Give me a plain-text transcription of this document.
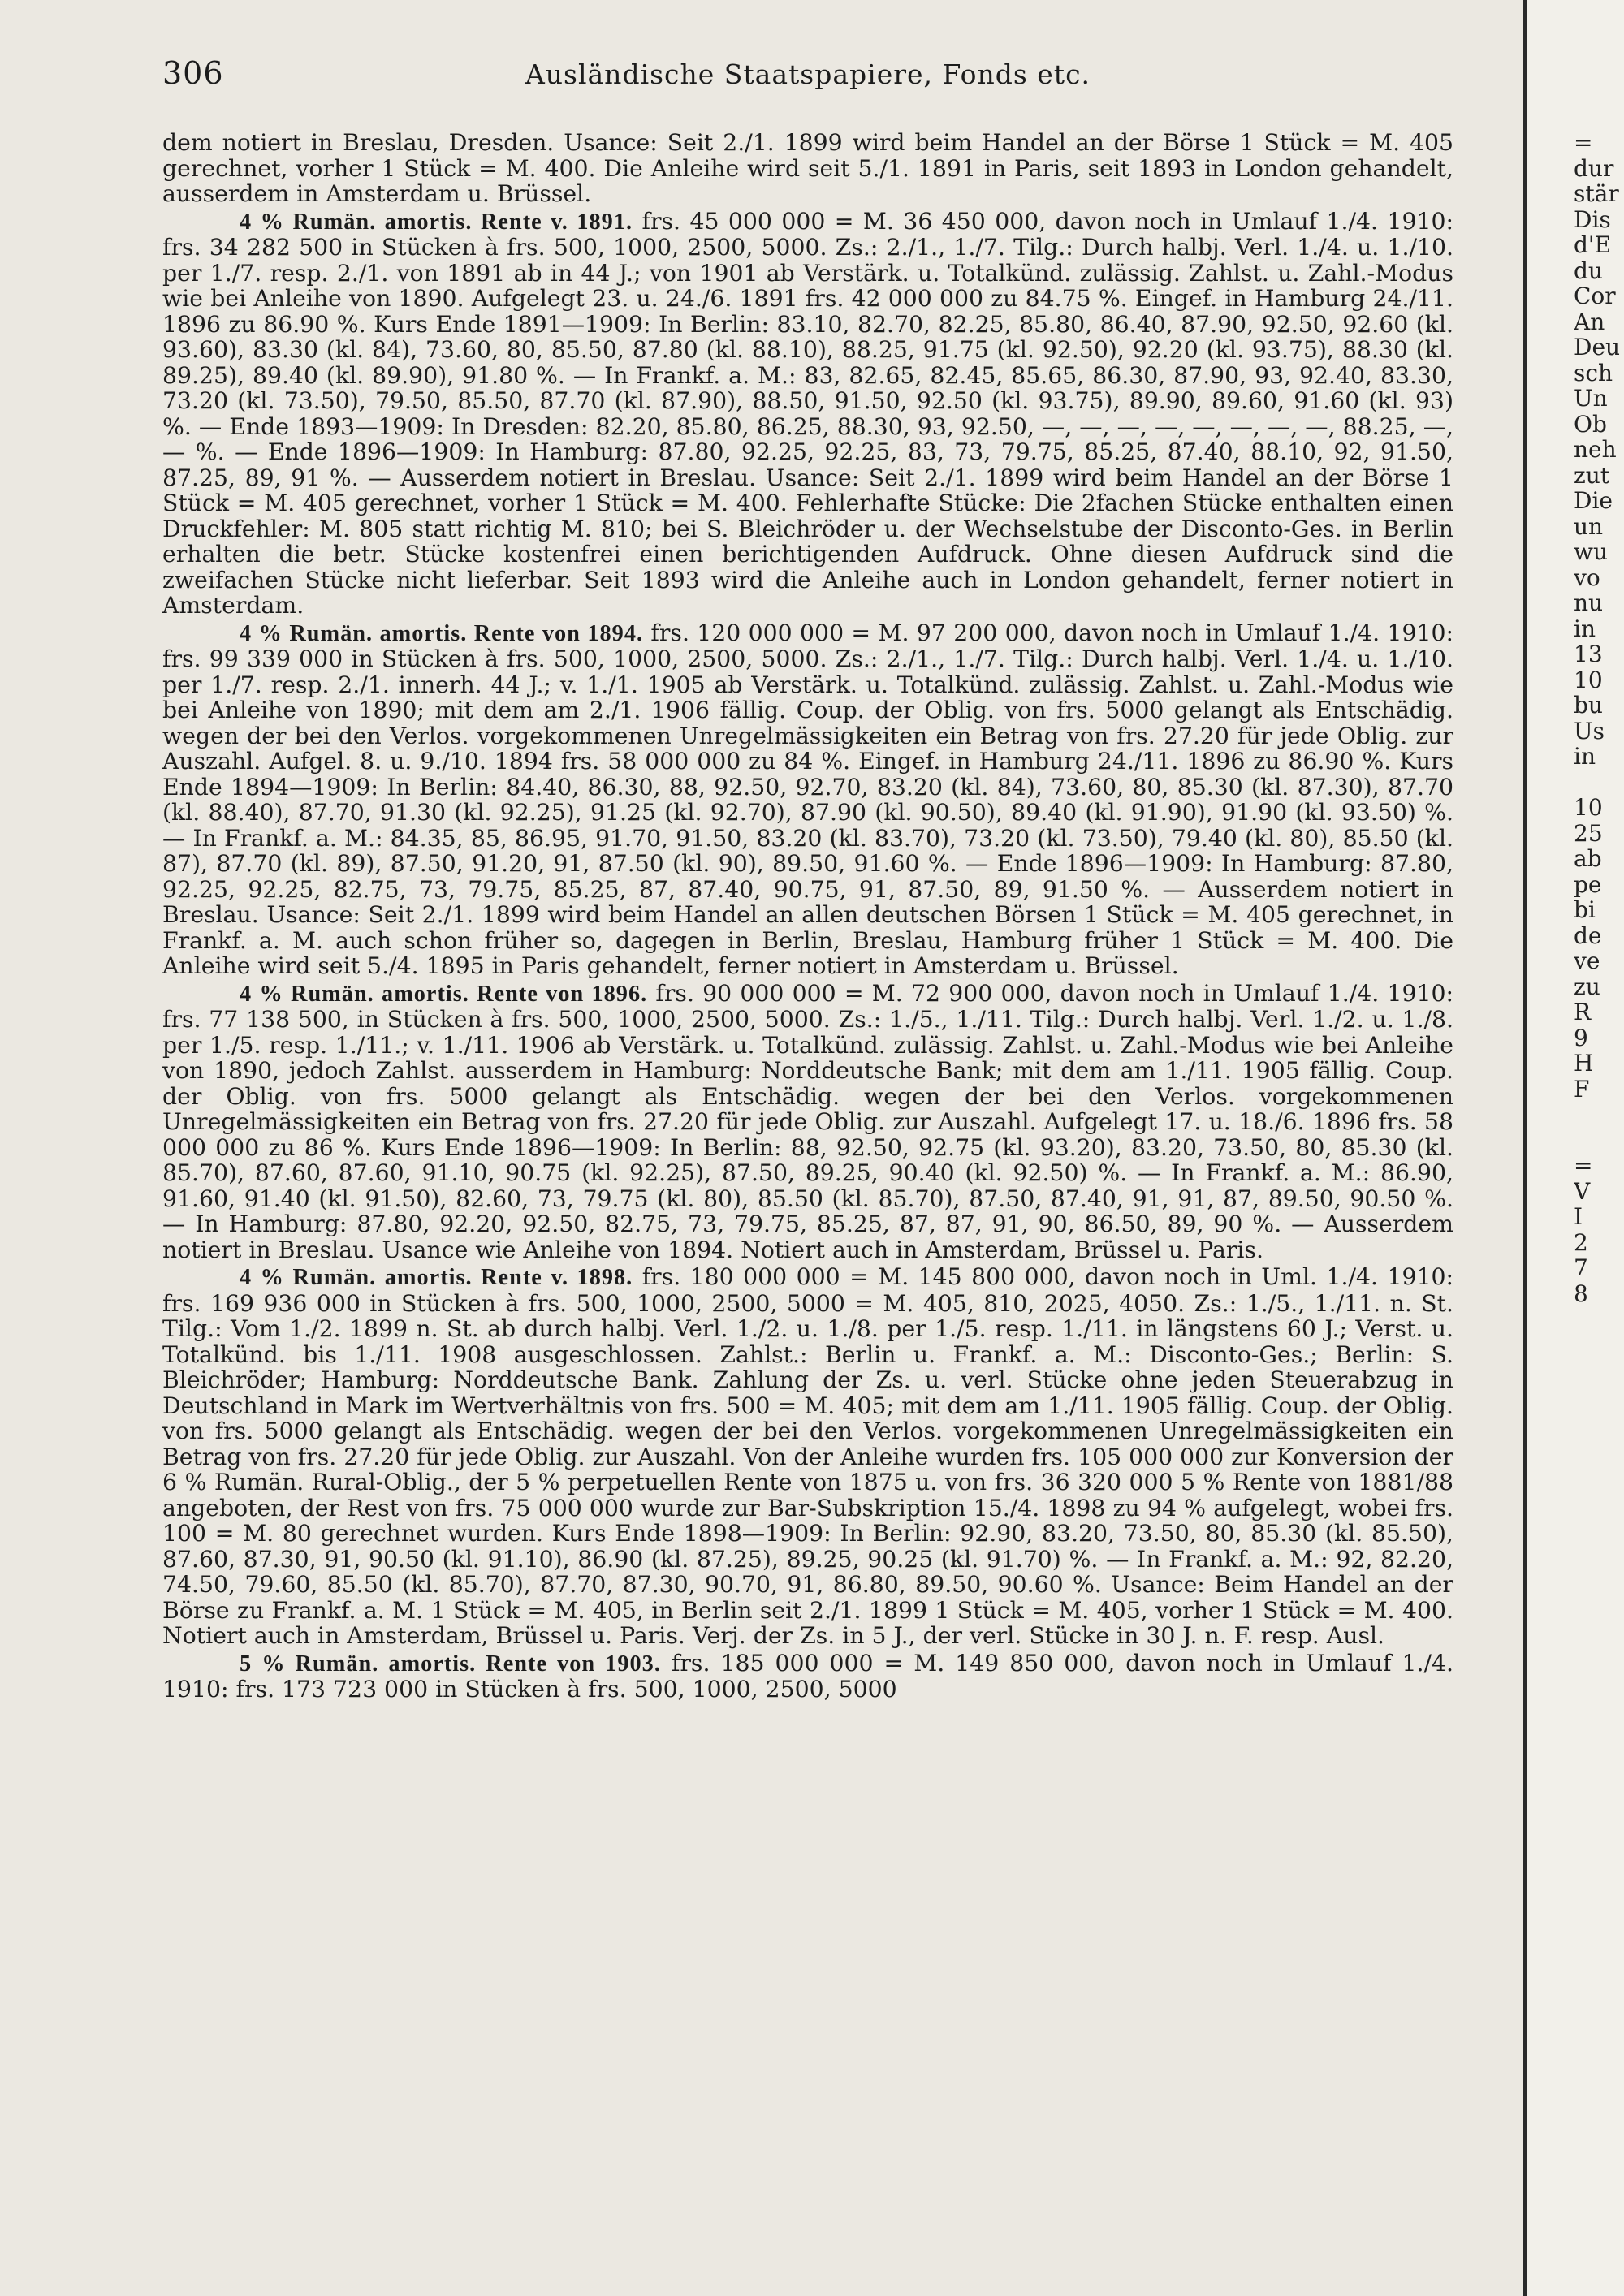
306	Ausländische Staatspapiere, Fonds etc.

dem notiert in Breslau, Dresden. Usance: Seit 2./1. 1899 wird beim Handel an der Börse 1 Stück = M. 405 gerechnet, vorher 1 Stück = M. 400. Die Anleihe wird seit 5./1. 1891 in Paris, seit 1893 in London gehandelt, ausserdem in Amsterdam u. Brüssel.

4 % Rumän. amortis. Rente v. 1891. frs. 45 000 000 = M. 36 450 000, davon noch in Umlauf 1./4. 1910: frs. 34 282 500 in Stücken à frs. 500, 1000, 2500, 5000. Zs.: 2./1., 1./7. Tilg.: Durch halbj. Verl. 1./4. u. 1./10. per 1./7. resp. 2./1. von 1891 ab in 44 J.; von 1901 ab Verstärk. u. Totalkünd. zulässig. Zahlst. u. Zahl.-Modus wie bei Anleihe von 1890. Aufgelegt 23. u. 24./6. 1891 frs. 42 000 000 zu 84.75 %. Eingef. in Hamburg 24./11. 1896 zu 86.90 %. Kurs Ende 1891—1909: In Berlin: 83.10, 82.70, 82.25, 85.80, 86.40, 87.90, 92.50, 92.60 (kl. 93.60), 83.30 (kl. 84), 73.60, 80, 85.50, 87.80 (kl. 88.10), 88.25, 91.75 (kl. 92.50), 92.20 (kl. 93.75), 88.30 (kl. 89.25), 89.40 (kl. 89.90), 91.80 %. — In Frankf. a. M.: 83, 82.65, 82.45, 85.65, 86.30, 87.90, 93, 92.40, 83.30, 73.20 (kl. 73.50), 79.50, 85.50, 87.70 (kl. 87.90), 88.50, 91.50, 92.50 (kl. 93.75), 89.90, 89.60, 91.60 (kl. 93) %. — Ende 1893—1909: In Dresden: 82.20, 85.80, 86.25, 88.30, 93, 92.50, —, —, —, —, —, —, —, —, 88.25, —, — %. — Ende 1896—1909: In Hamburg: 87.80, 92.25, 92.25, 83, 73, 79.75, 85.25, 87.40, 88.10, 92, 91.50, 87.25, 89, 91 %. — Ausserdem notiert in Breslau. Usance: Seit 2./1. 1899 wird beim Handel an der Börse 1 Stück = M. 405 gerechnet, vorher 1 Stück = M. 400. Fehlerhafte Stücke: Die 2fachen Stücke enthalten einen Druckfehler: M. 805 statt richtig M. 810; bei S. Bleichröder u. der Wechselstube der Disconto-Ges. in Berlin erhalten die betr. Stücke kostenfrei einen berichtigenden Aufdruck. Ohne diesen Aufdruck sind die zweifachen Stücke nicht lieferbar. Seit 1893 wird die Anleihe auch in London gehandelt, ferner notiert in Amsterdam.

4 % Rumän. amortis. Rente von 1894. frs. 120 000 000 = M. 97 200 000, davon noch in Umlauf 1./4. 1910: frs. 99 339 000 in Stücken à frs. 500, 1000, 2500, 5000. Zs.: 2./1., 1./7. Tilg.: Durch halbj. Verl. 1./4. u. 1./10. per 1./7. resp. 2./1. innerh. 44 J.; v. 1./1. 1905 ab Verstärk. u. Totalkünd. zulässig. Zahlst. u. Zahl.-Modus wie bei Anleihe von 1890; mit dem am 2./1. 1906 fällig. Coup. der Oblig. von frs. 5000 gelangt als Entschädig. wegen der bei den Verlos. vorgekommenen Unregelmässigkeiten ein Betrag von frs. 27.20 für jede Oblig. zur Auszahl. Aufgel. 8. u. 9./10. 1894 frs. 58 000 000 zu 84 %. Eingef. in Hamburg 24./11. 1896 zu 86.90 %. Kurs Ende 1894—1909: In Berlin: 84.40, 86.30, 88, 92.50, 92.70, 83.20 (kl. 84), 73.60, 80, 85.30 (kl. 87.30), 87.70 (kl. 88.40), 87.70, 91.30 (kl. 92.25), 91.25 (kl. 92.70), 87.90 (kl. 90.50), 89.40 (kl. 91.90), 91.90 (kl. 93.50) %. — In Frankf. a. M.: 84.35, 85, 86.95, 91.70, 91.50, 83.20 (kl. 83.70), 73.20 (kl. 73.50), 79.40 (kl. 80), 85.50 (kl. 87), 87.70 (kl. 89), 87.50, 91.20, 91, 87.50 (kl. 90), 89.50, 91.60 %. — Ende 1896—1909: In Hamburg: 87.80, 92.25, 92.25, 82.75, 73, 79.75, 85.25, 87, 87.40, 90.75, 91, 87.50, 89, 91.50 %. — Ausserdem notiert in Breslau. Usance: Seit 2./1. 1899 wird beim Handel an allen deutschen Börsen 1 Stück = M. 405 gerechnet, in Frankf. a. M. auch schon früher so, dagegen in Berlin, Breslau, Hamburg früher 1 Stück = M. 400. Die Anleihe wird seit 5./4. 1895 in Paris gehandelt, ferner notiert in Amsterdam u. Brüssel.

4 % Rumän. amortis. Rente von 1896. frs. 90 000 000 = M. 72 900 000, davon noch in Umlauf 1./4. 1910: frs. 77 138 500, in Stücken à frs. 500, 1000, 2500, 5000. Zs.: 1./5., 1./11. Tilg.: Durch halbj. Verl. 1./2. u. 1./8. per 1./5. resp. 1./11.; v. 1./11. 1906 ab Verstärk. u. Totalkünd. zulässig. Zahlst. u. Zahl.-Modus wie bei Anleihe von 1890, jedoch Zahlst. ausserdem in Hamburg: Norddeutsche Bank; mit dem am 1./11. 1905 fällig. Coup. der Oblig. von frs. 5000 gelangt als Entschädig. wegen der bei den Verlos. vorgekommenen Unregelmässigkeiten ein Betrag von frs. 27.20 für jede Oblig. zur Auszahl. Aufgelegt 17. u. 18./6. 1896 frs. 58 000 000 zu 86 %. Kurs Ende 1896—1909: In Berlin: 88, 92.50, 92.75 (kl. 93.20), 83.20, 73.50, 80, 85.30 (kl. 85.70), 87.60, 87.60, 91.10, 90.75 (kl. 92.25), 87.50, 89.25, 90.40 (kl. 92.50) %. — In Frankf. a. M.: 86.90, 91.60, 91.40 (kl. 91.50), 82.60, 73, 79.75 (kl. 80), 85.50 (kl. 85.70), 87.50, 87.40, 91, 91, 87, 89.50, 90.50 %. — In Hamburg: 87.80, 92.20, 92.50, 82.75, 73, 79.75, 85.25, 87, 87, 91, 90, 86.50, 89, 90 %. — Ausserdem notiert in Breslau. Usance wie Anleihe von 1894. Notiert auch in Amsterdam, Brüssel u. Paris.

4 % Rumän. amortis. Rente v. 1898. frs. 180 000 000 = M. 145 800 000, davon noch in Uml. 1./4. 1910: frs. 169 936 000 in Stücken à frs. 500, 1000, 2500, 5000 = M. 405, 810, 2025, 4050. Zs.: 1./5., 1./11. n. St. Tilg.: Vom 1./2. 1899 n. St. ab durch halbj. Verl. 1./2. u. 1./8. per 1./5. resp. 1./11. in längstens 60 J.; Verst. u. Totalkünd. bis 1./11. 1908 ausgeschlossen. Zahlst.: Berlin u. Frankf. a. M.: Disconto-Ges.; Berlin: S. Bleichröder; Hamburg: Norddeutsche Bank. Zahlung der Zs. u. verl. Stücke ohne jeden Steuerabzug in Deutschland in Mark im Wertverhältnis von frs. 500 = M. 405; mit dem am 1./11. 1905 fällig. Coup. der Oblig. von frs. 5000 gelangt als Entschädig. wegen der bei den Verlos. vorgekommenen Unregelmässigkeiten ein Betrag von frs. 27.20 für jede Oblig. zur Auszahl. Von der Anleihe wurden frs. 105 000 000 zur Konversion der 6 % Rumän. Rural-Oblig., der 5 % perpetuellen Rente von 1875 u. von frs. 36 320 000 5 % Rente von 1881/88 angeboten, der Rest von frs. 75 000 000 wurde zur Bar-Subskription 15./4. 1898 zu 94 % aufgelegt, wobei frs. 100 = M. 80 gerechnet wurden. Kurs Ende 1898—1909: In Berlin: 92.90, 83.20, 73.50, 80, 85.30 (kl. 85.50), 87.60, 87.30, 91, 90.50 (kl. 91.10), 86.90 (kl. 87.25), 89.25, 90.25 (kl. 91.70) %. — In Frankf. a. M.: 92, 82.20, 74.50, 79.60, 85.50 (kl. 85.70), 87.70, 87.30, 90.70, 91, 86.80, 89.50, 90.60 %. Usance: Beim Handel an der Börse zu Frankf. a. M. 1 Stück = M. 405, in Berlin seit 2./1. 1899 1 Stück = M. 405, vorher 1 Stück = M. 400. Notiert auch in Amsterdam, Brüssel u. Paris. Verj. der Zs. in 5 J., der verl. Stücke in 30 J. n. F. resp. Ausl.

5 % Rumän. amortis. Rente von 1903. frs. 185 000 000 = M. 149 850 000, davon noch in Umlauf 1./4. 1910: frs. 173 723 000 in Stücken à frs. 500, 1000, 2500, 5000

=
dur
stär
Dis
d'E
du
Cor
An
Deu
sch
Un
Ob
neh
zut
Die
un
wu
vo
nu
in
13
10
bu
Us
in
10
25
ab
pe
bi
de
ve
zu
R
9
H
F
=
V
I
2
7
8
